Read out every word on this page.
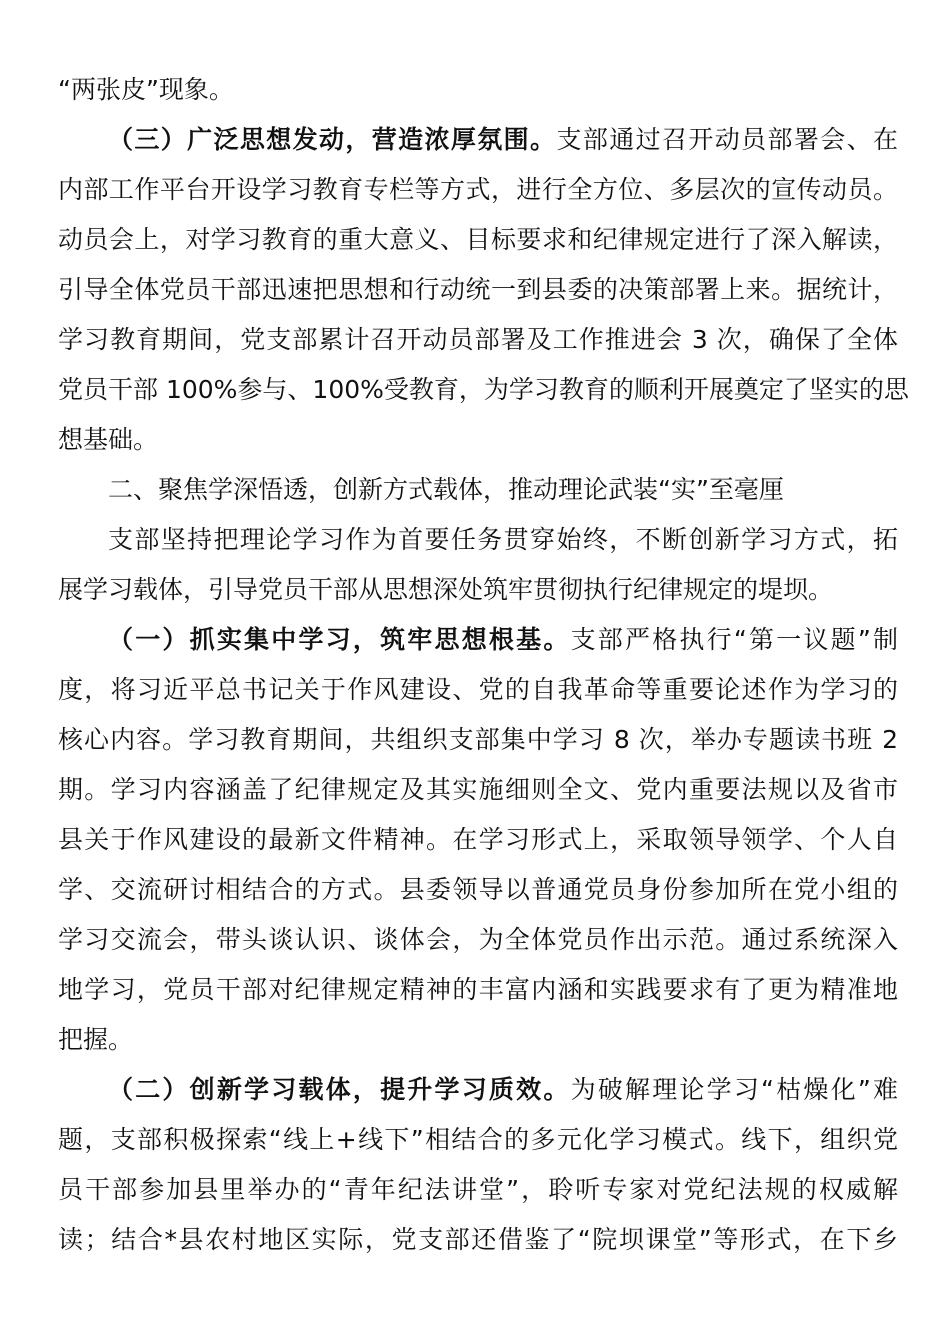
“两张皮”现象。
（三）广泛思想发动，营造浓厚氛围。支部通过召开动员部署会、在
内部工作平台开设学习教育专栏等方式，进行全方位、多层次的宣传动员。
动员会上，对学习教育的重大意义、目标要求和纪律规定进行了深入解读，
引导全体党员干部迅速把思想和行动统一到县委的决策部署上来。据统计，
学习教育期间，党支部累计召开动员部署及工作推进会 3 次，确保了全体
党员干部 100%参与、100%受教育，为学习教育的顺利开展奠定了坚实的思
想基础。
二、聚焦学深悟透，创新方式载体，推动理论武装“实”至毫厘
支部坚持把理论学习作为首要任务贯穿始终，不断创新学习方式，拓
展学习载体，引导党员干部从思想深处筑牢贯彻执行纪律规定的堤坝。
（一）抓实集中学习，筑牢思想根基。支部严格执行“第一议题”制
度，将习近平总书记关于作风建设、党的自我革命等重要论述作为学习的
核心内容。学习教育期间，共组织支部集中学习 8 次，举办专题读书班 2
期。学习内容涵盖了纪律规定及其实施细则全文、党内重要法规以及省市
县关于作风建设的最新文件精神。在学习形式上，采取领导领学、个人自
学、交流研讨相结合的方式。县委领导以普通党员身份参加所在党小组的
学习交流会，带头谈认识、谈体会，为全体党员作出示范。通过系统深入
地学习，党员干部对纪律规定精神的丰富内涵和实践要求有了更为精准地
把握。
（二）创新学习载体，提升学习质效。为破解理论学习“枯燥化”难
题，支部积极探索“线上+线下”相结合的多元化学习模式。线下，组织党
员干部参加县里举办的“青年纪法讲堂”，聆听专家对党纪法规的权威解
读；结合*县农村地区实际，党支部还借鉴了“院坝课堂”等形式，在下乡
